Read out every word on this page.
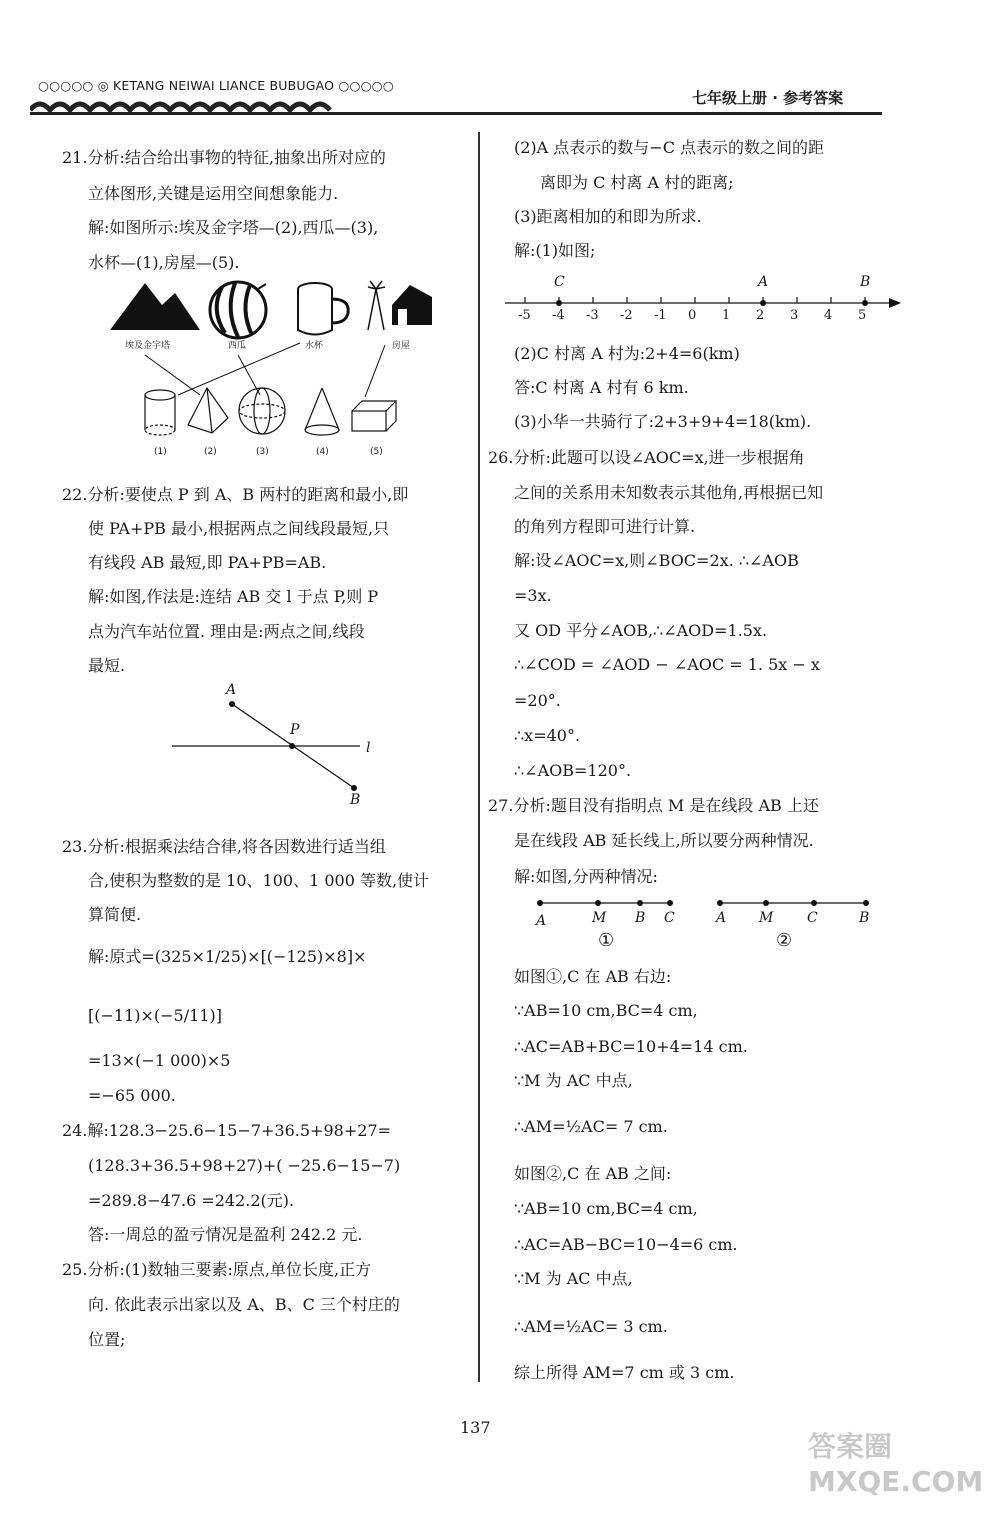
○○○○○ ◎ KETANG NEIWAI LIANCE BUBUGAO ○○○○○
七年级上册 · 参考答案
21.分析:结合给出事物的特征,抽象出所对应的
立体图形,关键是运用空间想象能力.
解:如图所示:埃及金字塔—(2),西瓜—(3),
水杯—(1),房屋—(5).
22.分析:要使点 P 到 A、B 两村的距离和最小,即
使 PA+PB 最小,根据两点之间线段最短,只
有线段 AB 最短,即 PA+PB=AB.
解:如图,作法是:连结 AB 交 l 于点 P,则 P
点为汽车站位置. 理由是:两点之间,线段
最短.
23.分析:根据乘法结合律,将各因数进行适当组
合,使积为整数的是 10、100、1 000 等数,使计
算简便.
解:原式=(325×1/25)×[(−125)×8]×
[(−11)×(−5/11)]
=13×(−1 000)×5
=−65 000.
24.解:128.3−25.6−15−7+36.5+98+27=
(128.3+36.5+98+27)+( −25.6−15−7)
=289.8−47.6 =242.2(元).
答:一周总的盈亏情况是盈利 242.2 元.
25.分析:(1)数轴三要素:原点,单位长度,正方
向. 依此表示出家以及 A、B、C 三个村庄的
位置;
(2)A 点表示的数与−C 点表示的数之间的距
离即为 C 村离 A 村的距离;
(3)距离相加的和即为所求.
解:(1)如图;
(2)C 村离 A 村为:2+4=6(km)
答:C 村离 A 村有 6 km.
(3)小华一共骑行了:2+3+9+4=18(km).
26.分析:此题可以设∠AOC=x,进一步根据角
之间的关系用未知数表示其他角,再根据已知
的角列方程即可进行计算.
解:设∠AOC=x,则∠BOC=2x. ∴∠AOB
=3x.
又 OD 平分∠AOB,∴∠AOD=1.5x.
∴∠COD = ∠AOD − ∠AOC = 1. 5x − x
=20°.
∴x=40°.
∴∠AOB=120°.
27.分析:题目没有指明点 M 是在线段 AB 上还
是在线段 AB 延长线上,所以要分两种情况.
解:如图,分两种情况:
如图①,C 在 AB 右边:
∵AB=10 cm,BC=4 cm,
∴AC=AB+BC=10+4=14 cm.
∵M 为 AC 中点,
∴AM=½AC= 7 cm.
如图②,C 在 AB 之间:
∵AB=10 cm,BC=4 cm,
∴AC=AB−BC=10−4=6 cm.
∵M 为 AC 中点,
∴AM=½AC= 3 cm.
综上所得 AM=7 cm 或 3 cm.
埃及金字塔	西瓜	水杯	房屋
(1)	(2)	(3)	(4)	(5)
A
P
l
B
-5 -4 -3 -2 -1 0 1 2 3 4 5
C	A	B
A	M B C	A M C	B
①	②
137
答案圈 MXQE.COM
